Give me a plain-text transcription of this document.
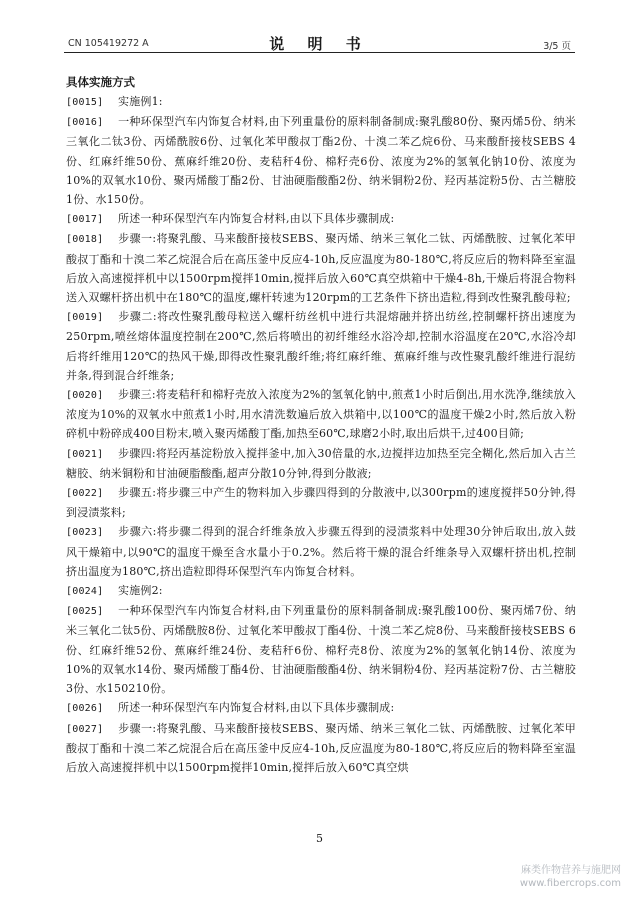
CN 105419272 A	说 明 书	3/5 页
具体实施方式

[0015] 实施例1:

[0016] 一种环保型汽车内饰复合材料,由下列重量份的原料制备制成:聚乳酸80份、聚丙烯5份、纳米三氧化二钛3份、丙烯酰胺6份、过氧化苯甲酸叔丁酯2份、十溴二苯乙烷6份、马来酸酐接枝SEBS 4份、红麻纤维50份、蕉麻纤维20份、麦秸秆4份、棉籽壳6份、浓度为2%的氢氧化钠10份、浓度为10%的双氧水10份、聚丙烯酸丁酯2份、甘油硬脂酸酯2份、纳米铜粉2份、羟丙基淀粉5份、古兰糖胶1份、水150份。

[0017] 所述一种环保型汽车内饰复合材料,由以下具体步骤制成:

[0018] 步骤一:将聚乳酸、马来酸酐接枝SEBS、聚丙烯、纳米三氧化二钛、丙烯酰胺、过氧化苯甲酸叔丁酯和十溴二苯乙烷混合后在高压釜中反应4-10h,反应温度为80-180℃,将反应后的物料降至室温后放入高速搅拌机中以1500rpm搅拌10min,搅拌后放入60℃真空烘箱中干燥4-8h,干燥后将混合物料送入双螺杆挤出机中在180℃的温度,螺杆转速为120rpm的工艺条件下挤出造粒,得到改性聚乳酸母粒;

[0019] 步骤二:将改性聚乳酸母粒送入螺杆纺丝机中进行共混熔融并挤出纺丝,控制螺杆挤出速度为250rpm,喷丝熔体温度控制在200℃,然后将喷出的初纤维经水浴冷却,控制水浴温度在20℃,水浴冷却后将纤维用120℃的热风干燥,即得改性聚乳酸纤维;将红麻纤维、蕉麻纤维与改性聚乳酸纤维进行混纺并条,得到混合纤维条;

[0020] 步骤三:将麦秸秆和棉籽壳放入浓度为2%的氢氧化钠中,煎煮1小时后倒出,用水洗净,继续放入浓度为10%的双氧水中煎煮1小时,用水清洗数遍后放入烘箱中,以100℃的温度干燥2小时,然后放入粉碎机中粉碎成400目粉末,喷入聚丙烯酸丁酯,加热至60℃,球磨2小时,取出后烘干,过400目筛;

[0021] 步骤四:将羟丙基淀粉放入搅拌釜中,加入30倍量的水,边搅拌边加热至完全糊化,然后加入古兰糖胶、纳米铜粉和甘油硬脂酸酯,超声分散10分钟,得到分散液;

[0022] 步骤五:将步骤三中产生的物料加入步骤四得到的分散液中,以300rpm的速度搅拌50分钟,得到浸渍浆料;

[0023] 步骤六:将步骤二得到的混合纤维条放入步骤五得到的浸渍浆料中处理30分钟后取出,放入鼓风干燥箱中,以90℃的温度干燥至含水量小于0.2%。然后将干燥的混合纤维条导入双螺杆挤出机,控制挤出温度为180℃,挤出造粒即得环保型汽车内饰复合材料。

[0024] 实施例2:

[0025] 一种环保型汽车内饰复合材料,由下列重量份的原料制备制成:聚乳酸100份、聚丙烯7份、纳米三氧化二钛5份、丙烯酰胺8份、过氧化苯甲酸叔丁酯4份、十溴二苯乙烷8份、马来酸酐接枝SEBS 6份、红麻纤维52份、蕉麻纤维24份、麦秸秆6份、棉籽壳8份、浓度为2%的氢氧化钠14份、浓度为10%的双氧水14份、聚丙烯酸丁酯4份、甘油硬脂酸酯4份、纳米铜粉4份、羟丙基淀粉7份、古兰糖胶3份、水150210份。

[0026] 所述一种环保型汽车内饰复合材料,由以下具体步骤制成:

[0027] 步骤一:将聚乳酸、马来酸酐接枝SEBS、聚丙烯、纳米三氧化二钛、丙烯酰胺、过氧化苯甲酸叔丁酯和十溴二苯乙烷混合后在高压釜中反应4-10h,反应温度为80-180℃,将反应后的物料降至室温后放入高速搅拌机中以1500rpm搅拌10min,搅拌后放入60℃真空烘

5
麻类作物营养与施肥网
www.fibercrops.com
